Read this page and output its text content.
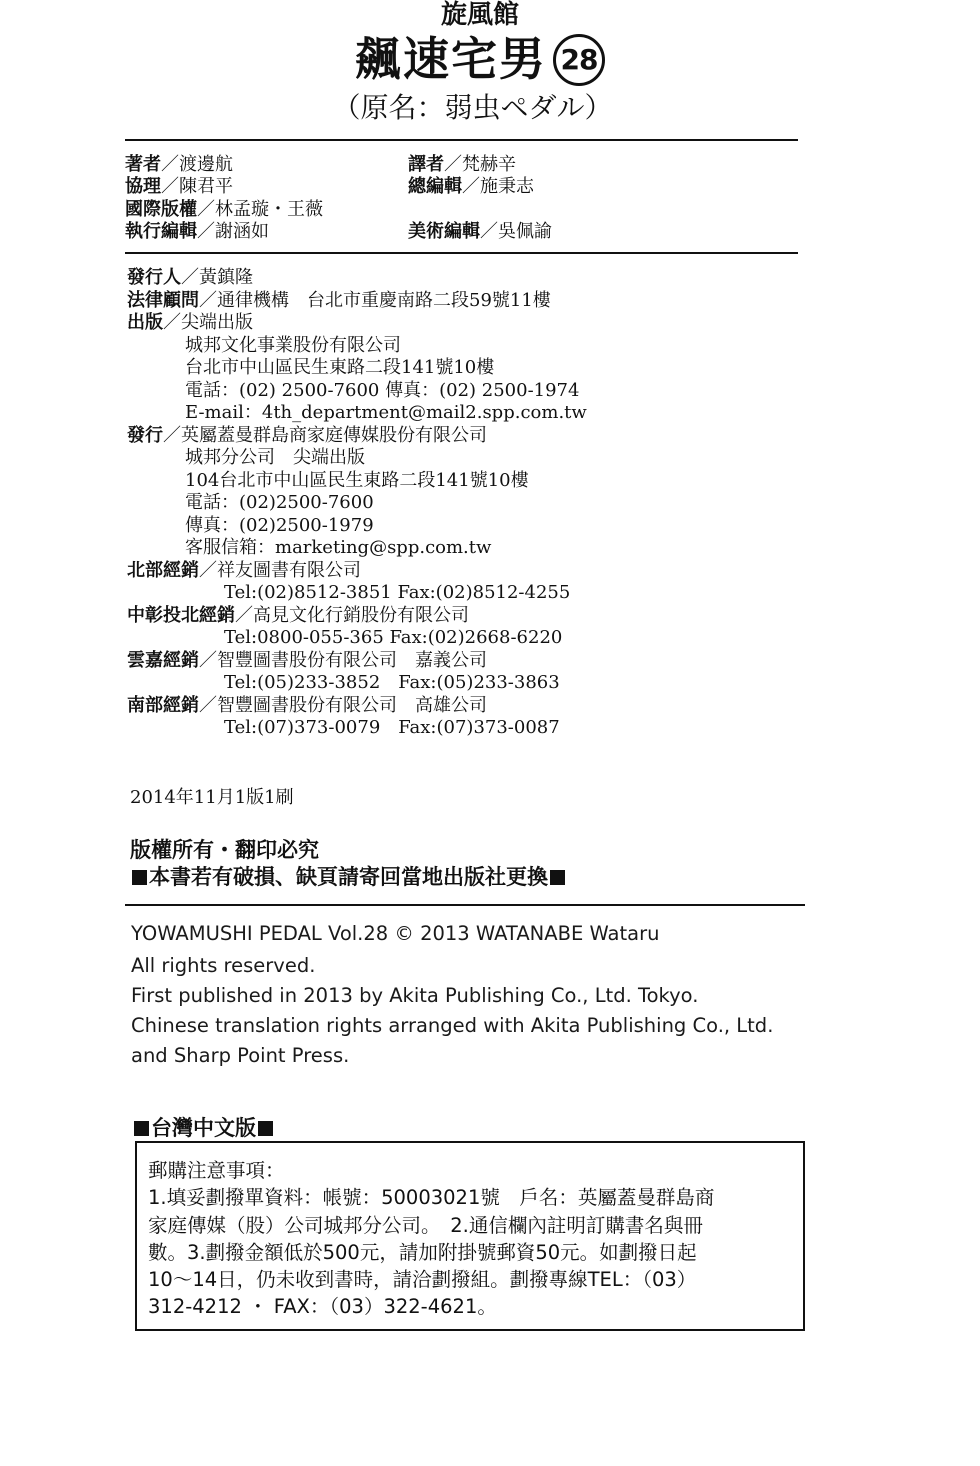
旋風館
飆速宅男 28
（原名：弱虫ペダル）
著者／渡邊航	譯者／梵赫辛
協理／陳君平	總編輯／施秉志
國際版權／林孟璇・王薇
執行編輯／謝涵如	美術編輯／吳佩諭
發行人／黃鎮隆
法律顧問／通律機構　台北市重慶南路二段59號11樓
出版／尖端出版
城邦文化事業股份有限公司
台北市中山區民生東路二段141號10樓
電話：(02) 2500-7600 傳真：(02) 2500-1974
E-mail：4th_department@mail2.spp.com.tw
發行／英屬蓋曼群島商家庭傳媒股份有限公司
城邦分公司　尖端出版
104台北市中山區民生東路二段141號10樓
電話：(02)2500-7600
傳真：(02)2500-1979
客服信箱：marketing@spp.com.tw
北部經銷／祥友圖書有限公司
Tel:(02)8512-3851 Fax:(02)8512-4255
中彰投北經銷／高見文化行銷股份有限公司
Tel:0800-055-365 Fax:(02)2668-6220
雲嘉經銷／智豐圖書股份有限公司　嘉義公司
Tel:(05)233-3852　Fax:(05)233-3863
南部經銷／智豐圖書股份有限公司　高雄公司
Tel:(07)373-0079　Fax:(07)373-0087
2014年11月1版1刷
版權所有・翻印必究
本書若有破損、缺頁請寄回當地出版社更換
YOWAMUSHI PEDAL Vol.28 © 2013 WATANABE Wataru
All rights reserved.
First published in 2013 by Akita Publishing Co., Ltd. Tokyo.
Chinese translation rights arranged with Akita Publishing Co., Ltd.
and Sharp Point Press.
台灣中文版
郵購注意事項：
1.填妥劃撥單資料：帳號：50003021號　戶名：英屬蓋曼群島商
家庭傳媒（股）公司城邦分公司。　2.通信欄內註明訂購書名與冊
數。3.劃撥金額低於500元，請加附掛號郵資50元。如劃撥日起
10～14日，仍未收到書時，請洽劃撥組。劃撥專線TEL：（03）
312-4212 ・ FAX：（03）322-4621。
